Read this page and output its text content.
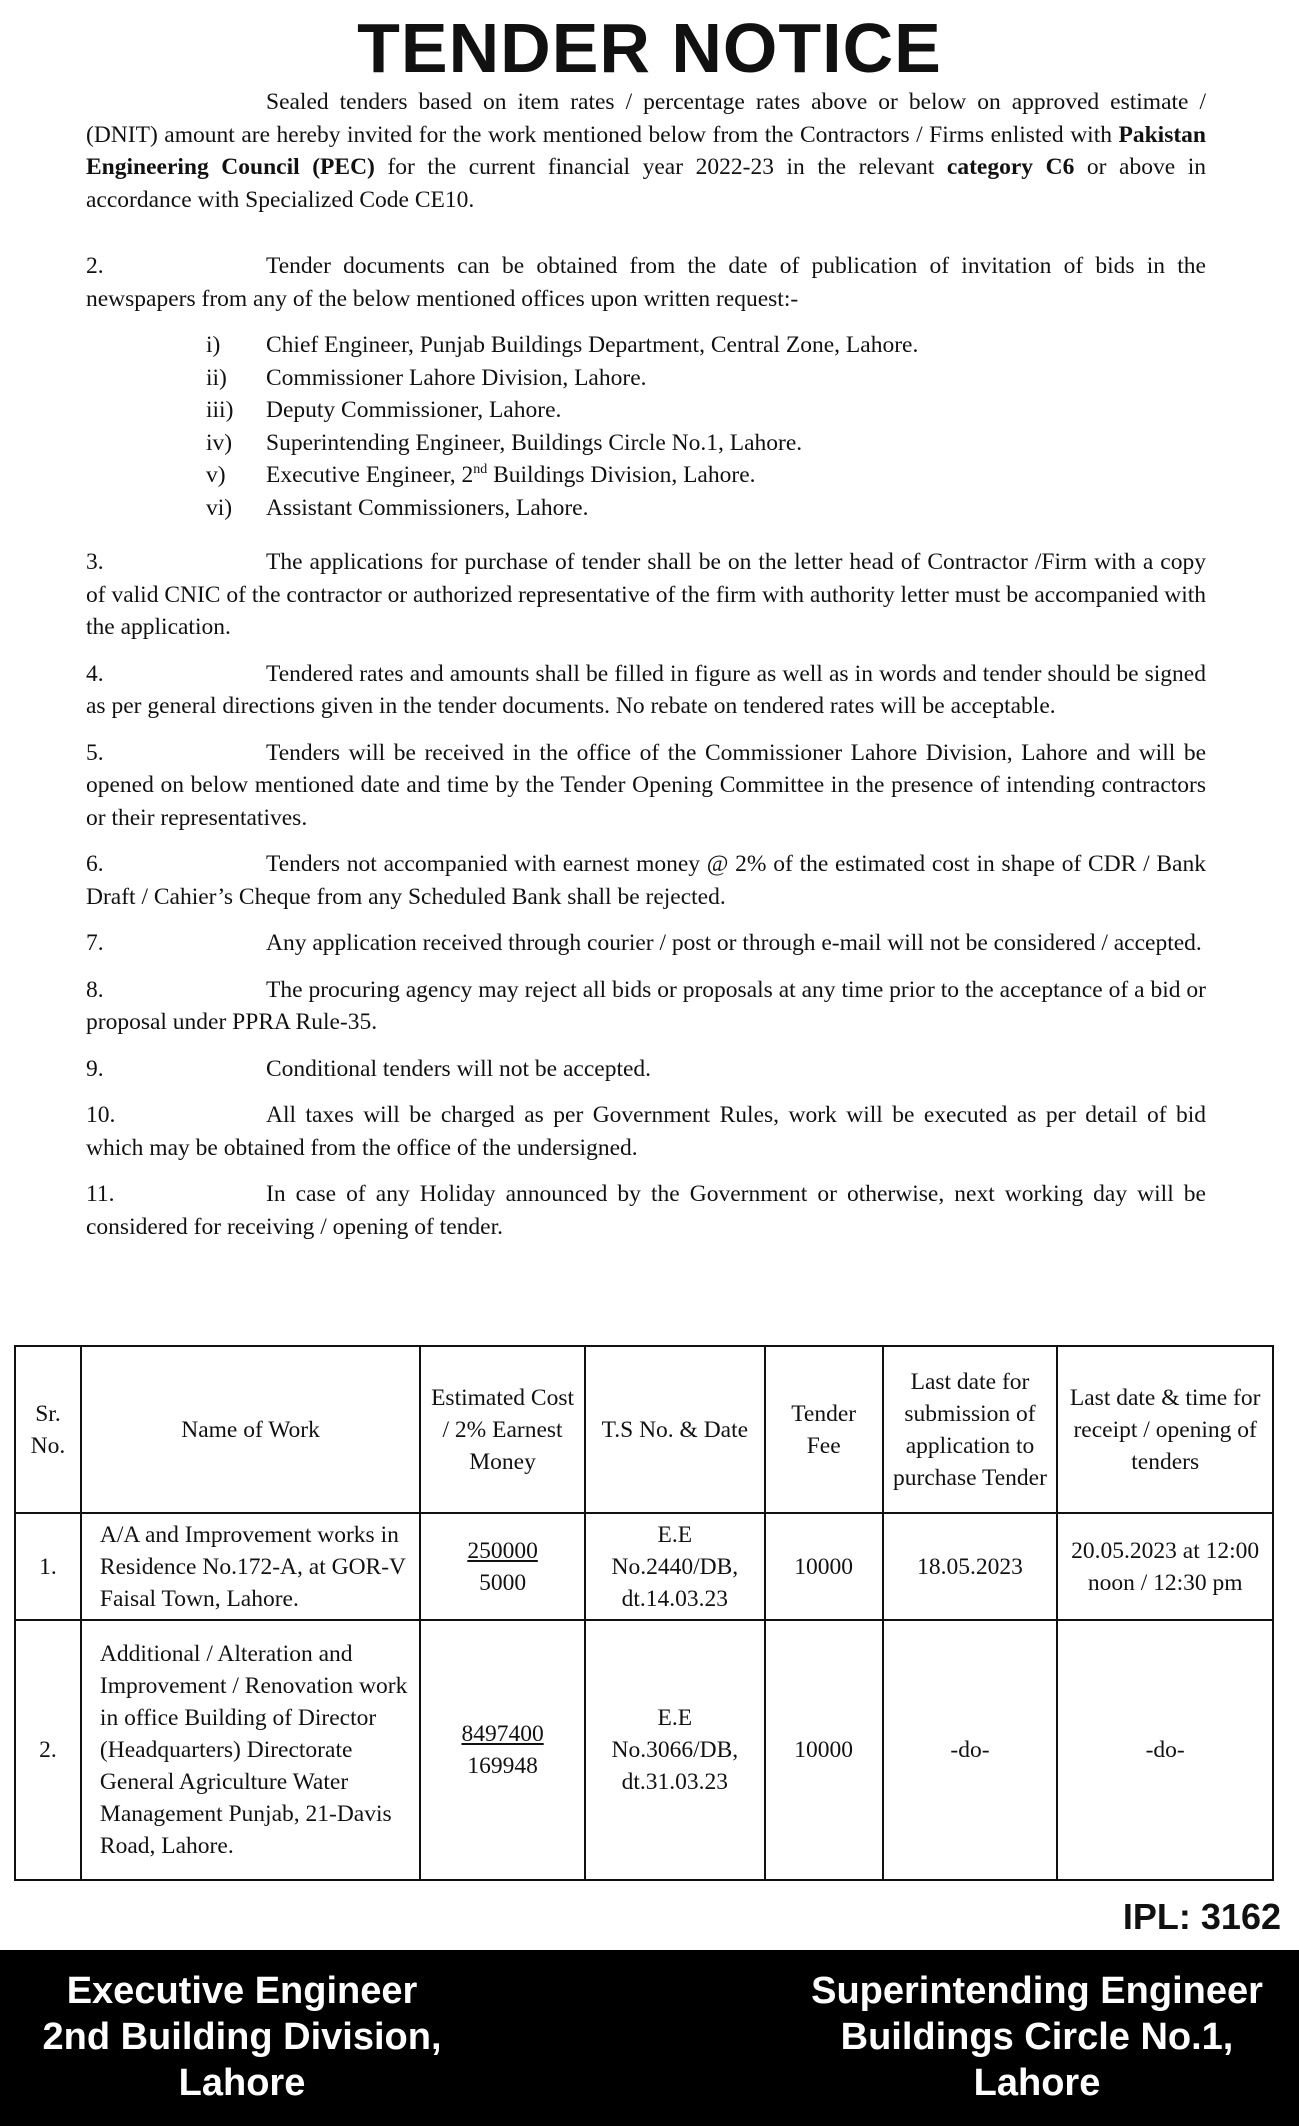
TENDER NOTICE

Sealed tenders based on item rates / percentage rates above or below on approved estimate / (DNIT) amount are hereby invited for the work mentioned below from the Contractors / Firms enlisted with Pakistan Engineering Council (PEC) for the current financial year 2022-23 in the relevant category C6 or above in accordance with Specialized Code CE10.

2.	Tender documents can be obtained from the date of publication of invitation of bids in the newspapers from any of the below mentioned offices upon written request:-

i)	Chief Engineer, Punjab Buildings Department, Central Zone, Lahore.
ii)	Commissioner Lahore Division, Lahore.
iii)	Deputy Commissioner, Lahore.
iv)	Superintending Engineer, Buildings Circle No.1, Lahore.
v)	Executive Engineer, 2nd Buildings Division, Lahore.
vi)	Assistant Commissioners, Lahore.

3.	The applications for purchase of tender shall be on the letter head of Contractor /Firm with a copy of valid CNIC of the contractor or authorized representative of the firm with authority letter must be accompanied with the application.

4.	Tendered rates and amounts shall be filled in figure as well as in words and tender should be signed as per general directions given in the tender documents. No rebate on tendered rates will be acceptable.

5.	Tenders will be received in the office of the Commissioner Lahore Division, Lahore and will be opened on below mentioned date and time by the Tender Opening Committee in the presence of intending contractors or their representatives.

6.	Tenders not accompanied with earnest money @ 2% of the estimated cost in shape of CDR / Bank Draft / Cahier’s Cheque from any Scheduled Bank shall be rejected.

7.	Any application received through courier / post or through e-mail will not be considered / accepted.

8.	The procuring agency may reject all bids or proposals at any time prior to the acceptance of a bid or proposal under PPRA Rule-35.

9.	Conditional tenders will not be accepted.

10.	All taxes will be charged as per Government Rules, work will be executed as per detail of bid which may be obtained from the office of the undersigned.

11.	In case of any Holiday announced by the Government or otherwise, next working day will be considered for receiving / opening of tender.

Sr. No.	Name of Work	Estimated Cost / 2% Earnest Money	T.S No. & Date	Tender Fee	Last date for submission of application to purchase Tender	Last date & time for receipt / opening of tenders
1.	A/A and Improvement works in Residence No.172-A, at GOR-V Faisal Town, Lahore.	250000
5000	E.E No.2440/DB, dt.14.03.23	10000	18.05.2023	20.05.2023 at 12:00 noon / 12:30 pm
2.	Additional / Alteration and Improvement / Renovation work in office Building of Director (Headquarters) Directorate General Agriculture Water Management Punjab, 21-Davis Road, Lahore.	8497400
169948	E.E No.3066/DB, dt.31.03.23	10000	-do-	-do-
IPL: 3162
Executive Engineer
2nd Building Division,
Lahore
Superintending Engineer
Buildings Circle No.1,
Lahore
